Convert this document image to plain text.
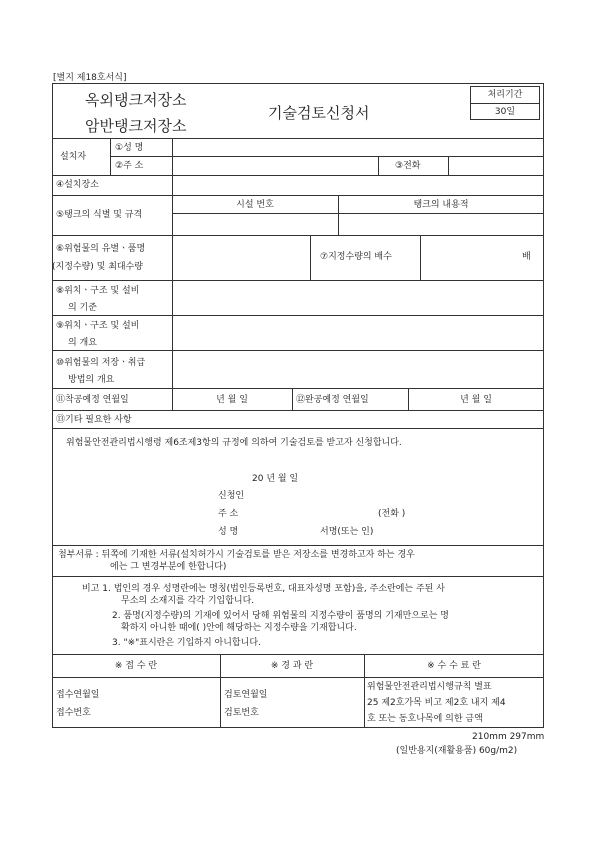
[별지 제18호서식]
옥외탱크저장소
암반탱크저장소
기술검토신청서
처리기간
30일
설치자
①성 명
②주 소	③전화
④설치장소
⑤탱크의 식별 및 규격
시설 번호	탱크의 내용적
⑥위험물의 유별ㆍ품명
(지정수량) 및 최대수량
⑦지정수량의 배수	배
⑧위치ㆍ구조 및 설비
의 기준
⑨위치ㆍ구조 및 설비
의 개요
⑩위험물의 저장ㆍ취급
방법의 개요
⑪착공예정 연월일	년 월 일	⑫완공예정 연월일	년 월 일
⑬기타 필요한 사항
위험물안전관리법시행령 제6조제3항의 규정에 의하여 기술검토를 받고자 신청합니다.
20 년 월 일
신청인
주 소	(전화 )
성 명	서명(또는 인)
첨부서류 : 뒤쪽에 기재한 서류(설치허가시 기술검토를 받은 저장소를 변경하고자 하는 경우
에는 그 변경부분에 한합니다)
비고 1. 법인의 경우 성명란에는 명칭(법인등록번호, 대표자성명 포함)을, 주소란에는 주된 사
무소의 소재지를 각각 기입합니다.
2. 품명(지정수량)의 기재에 있어서 당해 위험물의 지정수량이 품명의 기재만으로는 명
확하지 아니한 때에( )안에 해당하는 지정수량을 기재합니다.
3. "※"표시란은 기입하지 아니합니다.
※ 접 수 란	※ 경 과 란	※ 수 수 료 란
접수연월일
접수번호
검토연월일
검토번호
위험물안전관리법시행규칙 별표
25 제2호가목 비고 제2호 내지 제4
호 또는 동호나목에 의한 금액
210mm 297mm
(일반용지(재활용품) 60g/m2)
